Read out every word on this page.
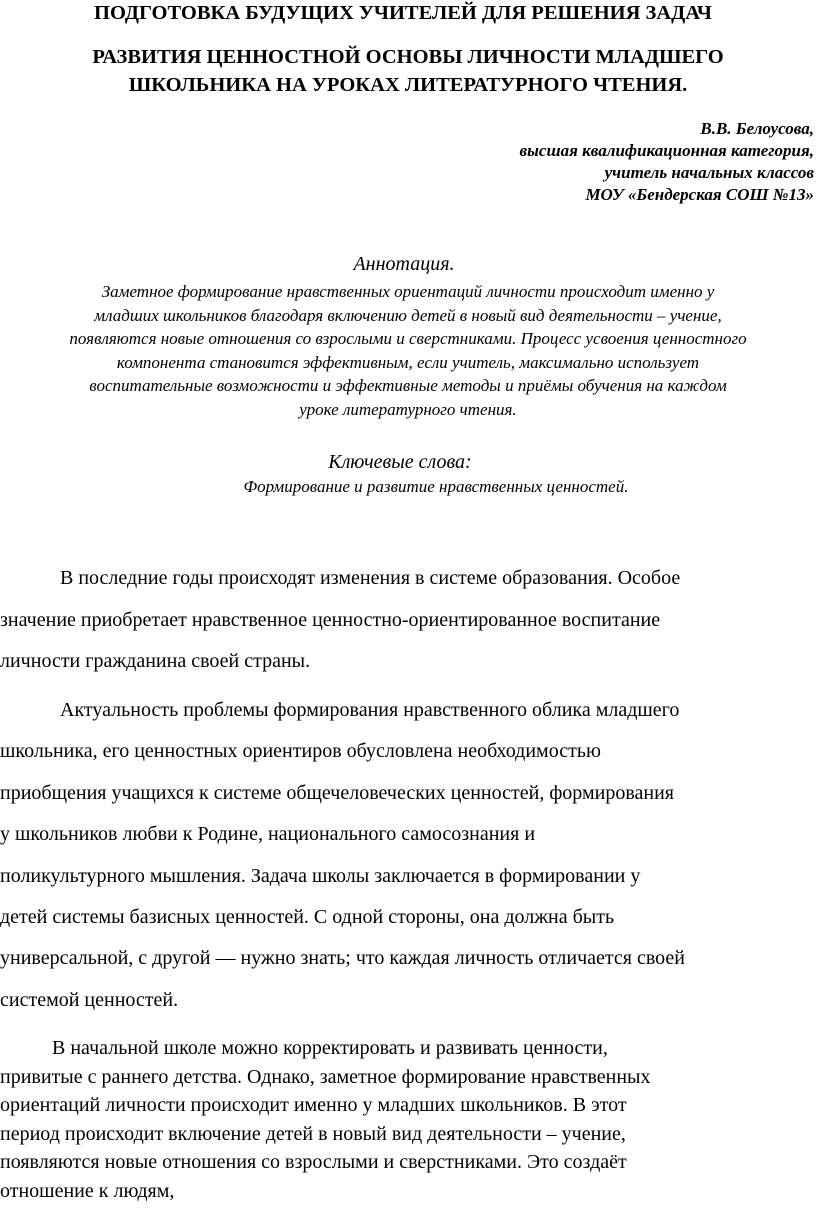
ПОДГОТОВКА БУДУЩИХ УЧИТЕЛЕЙ ДЛЯ РЕШЕНИЯ ЗАДАЧ
РАЗВИТИЯ ЦЕННОСТНОЙ ОСНОВЫ ЛИЧНОСТИ МЛАДШЕГО
ШКОЛЬНИКА НА УРОКАХ ЛИТЕРАТУРНОГО ЧТЕНИЯ.
В.В. Белоусова,
высшая квалификационная категория,
учитель начальных классов
МОУ «Бендерская СОШ №13»
Аннотация.

Заметное формирование нравственных ориентаций личности происходит именно у
младших школьников благодаря включению детей в новый вид деятельности – учение,
появляются новые отношения со взрослыми и сверстниками. Процесс усвоения ценностного
компонента становится эффективным, если учитель, максимально использует
воспитательные возможности и эффективные методы и приёмы обучения на каждом
уроке литературного чтения.

Ключевые слова:
Формирование и развитие нравственных ценностей.

В последние годы происходят изменения в системе образования. Особое
значение приобретает нравственное ценностно-ориентированное воспитание
личности гражданина своей страны.

Актуальность проблемы формирования нравственного облика младшего
школьника, его ценностных ориентиров обусловлена необходимостью
приобщения учащихся к системе общечеловеческих ценностей, формирования
у школьников любви к Родине, национального самосознания и
поликультурного мышления. Задача школы заключается в формировании у
детей системы базисных ценностей. С одной стороны, она должна быть
универсальной, с другой — нужно знать; что каждая личность отличается своей
системой ценностей.

В начальной школе можно корректировать и развивать ценности,
привитые с раннего детства. Однако, заметное формирование нравственных
ориентаций личности происходит именно у младших школьников. В этот
период происходит включение детей в новый вид деятельности – учение,
появляются новые отношения со взрослыми и сверстниками. Это создаёт
отношение к людям,
